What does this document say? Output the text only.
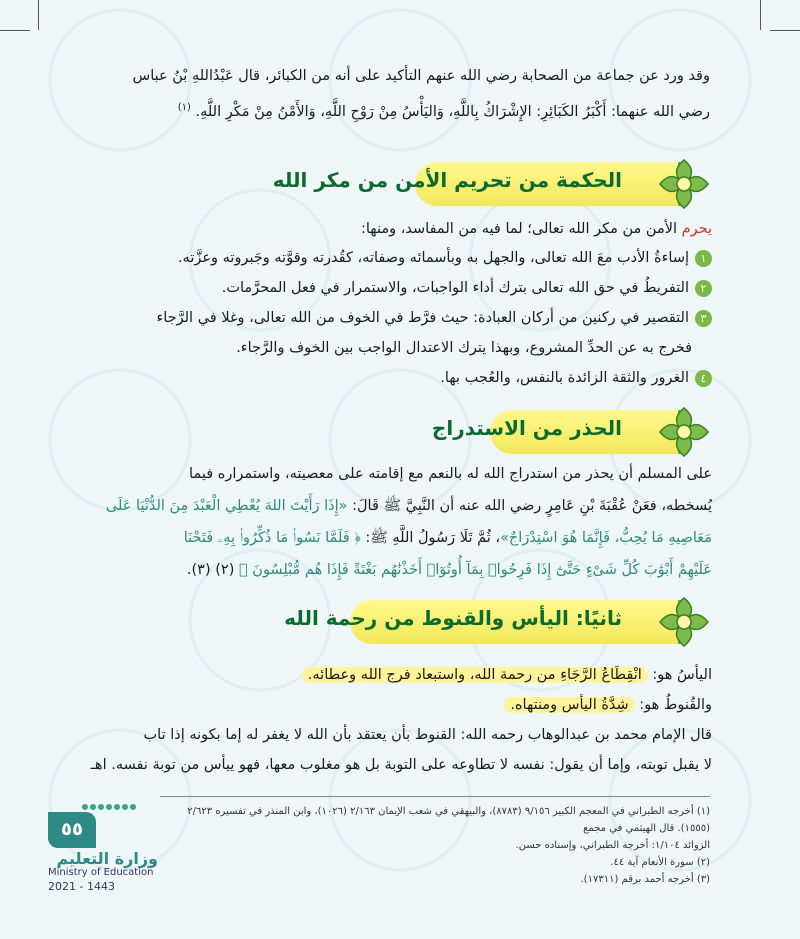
وقد ورد عن جماعة من الصحابة رضي الله عنهم التأكيد على أنه من الكبائر، قال عَبْدُاللهِ بْنُ عباس
رضي الله عنهما: أَكْبَرُ الكَبَائِرِ: الإِشْرَاكُ بِاللَّهِ، وَاليَأْسُ مِنْ رَوْحِ اللَّهِ، وَالأَمْنُ مِنْ مَكْرِ اللَّهِ. $^{(١)}$
الحكمة من تحريم الأمن من مكر الله
يحرم الأمن من مكر الله تعالى؛ لما فيه من المفاسد، ومنها:
١إساءةُ الأدب معَ الله تعالى، والجهل به وبأسمائه وصفاته، كقُدرته وقوَّته وجَبروته وعزَّته.
٢التفريطُ في حق الله تعالى بترك أداء الواجبات، والاستمرار في فعل المحرَّمات.
٣التقصير في ركنين من أركان العبادة: حيث فرَّط في الخوف من الله تعالى، وغلا في الرَّجاء
فخرج به عن الحدِّ المشروع، وبهذا يترك الاعتدال الواجب بين الخوف والرَّجاء.
٤الغرور والثقة الزائدة بالنفس، والعُجب بها.
الحذر من الاستدراج
على المسلم أن يحذر من استدراج الله له بالنعم مع إقامته على معصيته، واستمراره فيما
يُسخطه، فعَنْ عُقْبَةَ بْنِ عَامِرٍ رضي الله عنه أن النَّبِيَّ ﷺ قَالَ: «إِذَا رَأَيْتَ اللهَ يُعْطِي الْعَبْدَ مِنَ الدُّنْيَا عَلَى
مَعَاصِيهِ مَا يُحِبُّ، فَإِنَّمَا هُوَ اسْتِدْرَاجٌ»، ثُمَّ تَلَا رَسُولُ اللَّهِ ﷺ: ﴿ فَلَمَّا نَسُوا۟ مَا ذُكِّرُوا۟ بِهِۦ فَتَحْنَا
عَلَيْهِمْ أَبْوَٰبَ كُلِّ شَىْءٍ حَتَّىٰٓ إِذَا فَرِحُوا۟ بِمَآ أُوتُوٓا۟ أَخَذْنَٰهُم بَغْتَةً فَإِذَا هُم مُّبْلِسُونَ ﴾ (٢) (٣).
ثانيًا: اليأس والقنوط من رحمة الله
اليأسُ هو: انْقِطَاعُ الرَّجَاءِ من رحمة الله، واستبعاد فرج الله وعطائه.
والقُنوطُ هو: شِدَّةُ اليأس ومنتهاه.
قال الإمام محمد بن عبدالوهاب رحمه الله: القنوط بأن يعتقد بأن الله لا يغفر له إما بكونه إذا تاب
لا يقبل توبته، وإما أن يقول: نفسه لا تطاوعه على التوبة بل هو مغلوب معها، فهو ييأس من توبة نفسه. اهـ
(١) أخرجه الطبراني في المعجم الكبير ٩/١٥٦ (٨٧٨٣)، والبيهقي في شعب الإيمان ٢/١٦٣ (١٠٢٦)، وابن المنذر في تفسيره ٢/٦٢٣ (١٥٥٥). قال الهيثمي في مجمع
الزوائد ١/١٠٤: أخرجه الطبراني، وإسناده حسن.
(٢) سورة الأنعام آية ٤٤.
(٣) أخرجه أحمد برقم (١٧٣١١).
٥٥
وزارة التعليم
Ministry of Education
2021 - 1443
